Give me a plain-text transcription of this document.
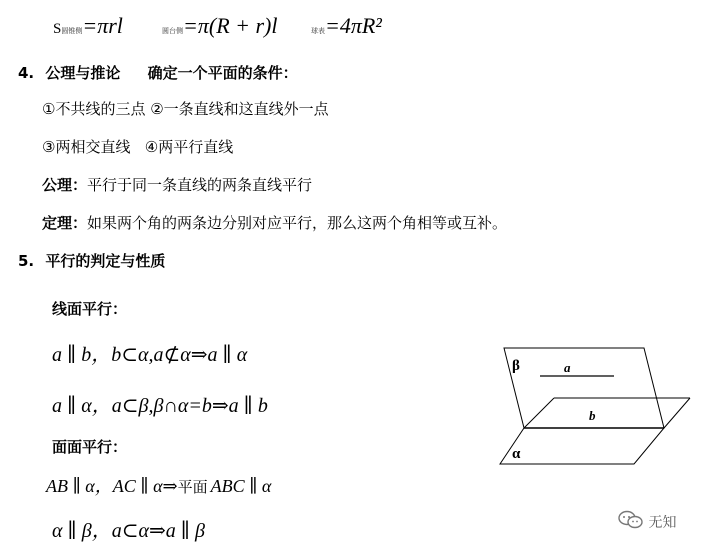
S圆锥侧=πrl	圆台侧=π(R + r)l	球表=4πR²
4. 公理与推论 确定一个平面的条件：
①不共线的三点 ②一条直线和这直线外一点
③两相交直线   ④两平行直线
公理：平行于同一条直线的两条直线平行
定理：如果两个角的两条边分别对应平行，那么这两个角相等或互补。
5. 平行的判定与性质
线面平行：
a ∥ b，b⊂α,a⊄α⇒a ∥ α
a ∥ α，a⊂β,β∩α=b⇒a ∥ b
面面平行：
AB ∥ α，AC ∥ α⇒平面 ABC ∥ α
α ∥ β，a⊂α⇒a ∥ β
β	a
b
α
无知
